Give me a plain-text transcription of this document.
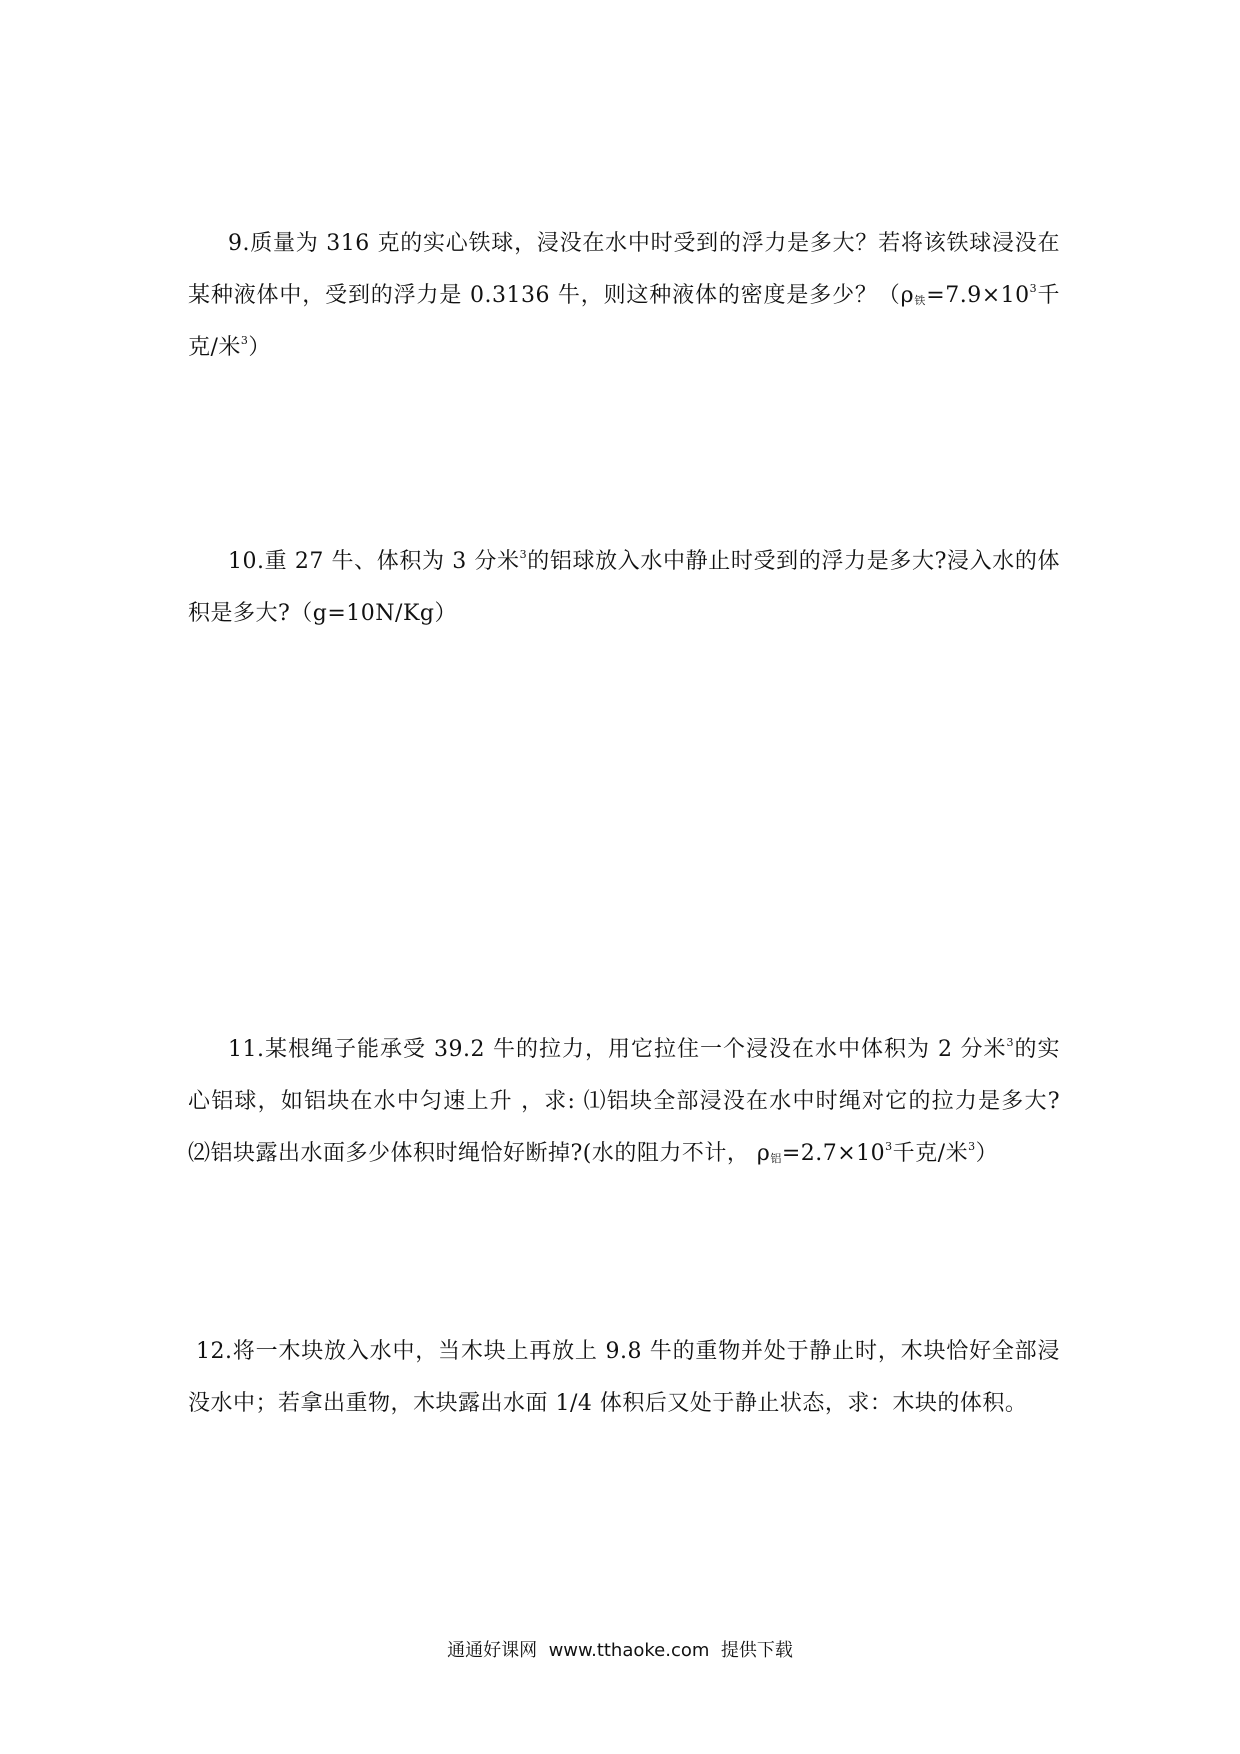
9.质量为 316 克的实心铁球，浸没在水中时受到的浮力是多大？若将该铁球浸没在某种液体中，受到的浮力是 0.3136 牛，则这种液体的密度是多少？（$\rho_铁=7.9\times 10^3$千克/米$^3$）

10.重 27 牛、体积为 3 分米$^3$的铝球放入水中静止时受到的浮力是多大?浸入水的体积是多大?（g=10N/Kg）

11.某根绳子能承受 39.2 牛的拉力，用它拉住一个浸没在水中体积为 2 分米$^3$的实心铝球，如铝块在水中匀速上升 ，求: ⑴铝块全部浸没在水中时绳对它的拉力是多大? ⑵铝块露出水面多少体积时绳恰好断掉?(水的阻力不计， $\rho_铝=2.7\times 10^3$千克/米$^3$）

12.将一木块放入水中，当木块上再放上 9.8 牛的重物并处于静止时，木块恰好全部浸没水中；若拿出重物，木块露出水面 1/4 体积后又处于静止状态，求：木块的体积。

通通好课网  www.tthaoke.com  提供下载
